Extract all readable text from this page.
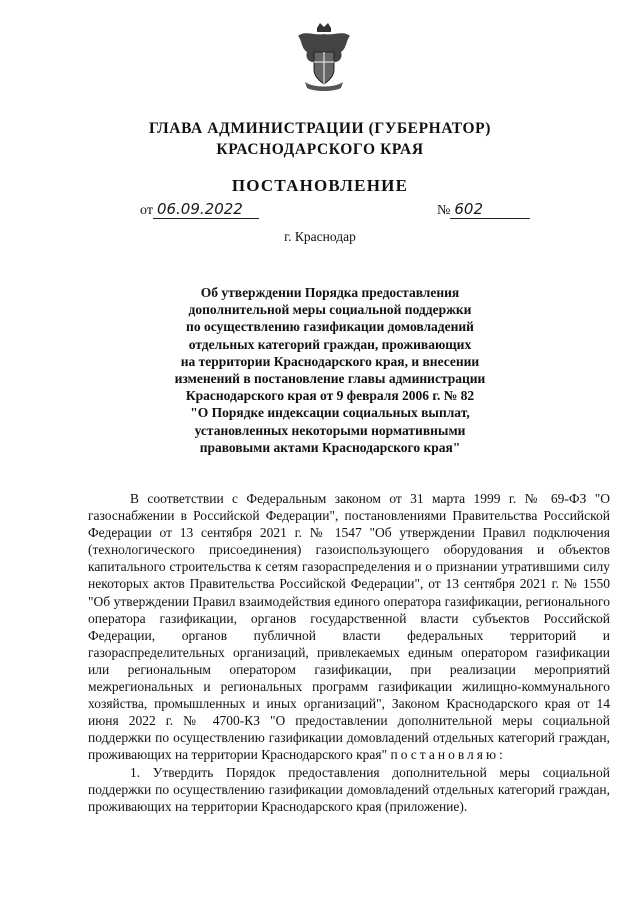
ГЛАВА АДМИНИСТРАЦИИ (ГУБЕРНАТОР)
КРАСНОДАРСКОГО КРАЯ
ПОСТАНОВЛЕНИЕ
от 06.09.2022	№ 602
г. Краснодар
Об утверждении Порядка предоставления
дополнительной меры социальной поддержки
по осуществлению газификации домовладений
отдельных категорий граждан, проживающих
на территории Краснодарского края, и внесении
изменений в постановление главы администрации
Краснодарского края от 9 февраля 2006 г. № 82
"О Порядке индексации социальных выплат,
установленных некоторыми нормативными
правовыми актами Краснодарского края"

В соответствии с Федеральным законом от 31 марта 1999 г. № 69-ФЗ "О газоснабжении в Российской Федерации", постановлениями Правительства Российской Федерации от 13 сентября 2021 г. № 1547 "Об утверждении Правил подключения (технологического присоединения) газоиспользующего оборудования и объектов капитального строительства к сетям газораспределения и о признании утратившими силу некоторых актов Правительства Российской Федерации", от 13 сентября 2021 г. № 1550 "Об утверждении Правил взаимодействия единого оператора газификации, регионального оператора газификации, органов государственной власти субъектов Российской Федерации, органов публичной власти федеральных территорий и газораспределительных организаций, привлекаемых единым оператором газификации или региональным оператором газификации, при реализации мероприятий межрегиональных и региональных программ газификации жилищно-коммунального хозяйства, промышленных и иных организаций", Законом Краснодарского края от 14 июня 2022 г. № 4700-КЗ "О предоставлении дополнительной меры социальной поддержки по осуществлению газификации домовладений отдельных категорий граждан, проживающих на территории Краснодарского края" постановляю:

1. Утвердить Порядок предоставления дополнительной меры социальной поддержки по осуществлению газификации домовладений отдельных категорий граждан, проживающих на территории Краснодарского края (приложение).
